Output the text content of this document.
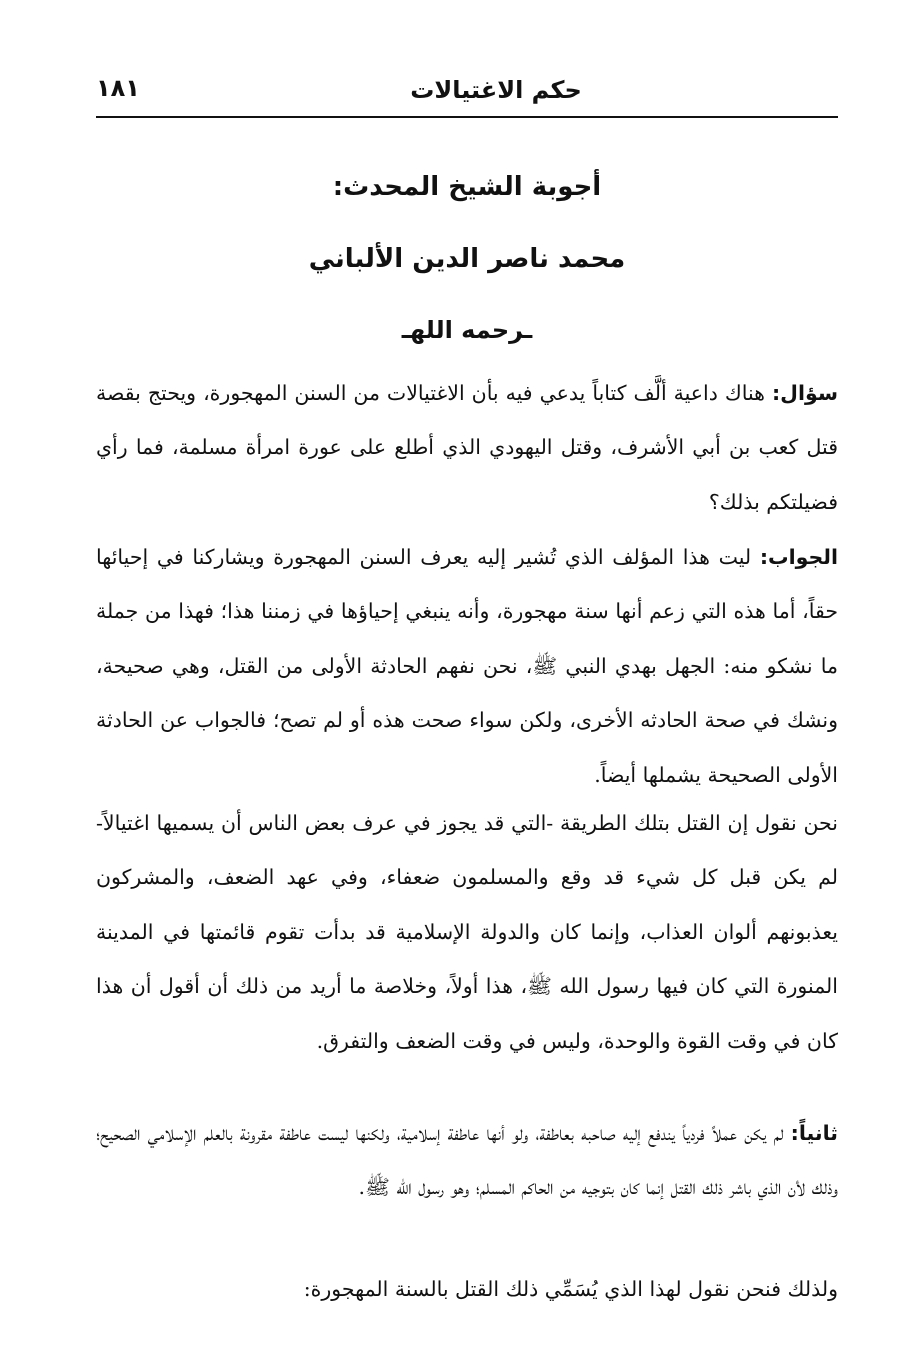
١٨١	حكم الاغتيالات
أجوبة الشيخ المحدث:
محمد ناصر الدين الألباني
ـرحمه اللهـ

سؤال: هناك داعية ألَّف كتاباً يدعي فيه بأن الاغتيالات من السنن المهجورة، ويحتج بقصة قتل كعب بن أبي الأشرف، وقتل اليهودي الذي أطلع على عورة امرأة مسلمة، فما رأي فضيلتكم بذلك؟

الجواب: ليت هذا المؤلف الذي تُشير إليه يعرف السنن المهجورة ويشاركنا في إحيائها حقاً، أما هذه التي زعم أنها سنة مهجورة، وأنه ينبغي إحياؤها في زمننا هذا؛ فهذا من جملة ما نشكو منه: الجهل بهدي النبي ﷺ، نحن نفهم الحادثة الأولى من القتل، وهي صحيحة، ونشك في صحة الحادثه الأخرى، ولكن سواء صحت هذه أو لم تصح؛ فالجواب عن الحادثة الأولى الصحيحة يشملها أيضاً.

نحن نقول إن القتل بتلك الطريقة -التي قد يجوز في عرف بعض الناس أن يسميها اغتيالاً- لم يكن قبل كل شيء قد وقع والمسلمون ضعفاء، وفي عهد الضعف، والمشركون يعذبونهم ألوان العذاب، وإنما كان والدولة الإسلامية قد بدأت تقوم قائمتها في المدينة المنورة التي كان فيها رسول الله ﷺ، هذا أولاً، وخلاصة ما أريد من ذلك أن أقول أن هذا كان في وقت القوة والوحدة، وليس في وقت الضعف والتفرق.

ثانياً: لم يكن عملاً فردياً يندفع إليه صاحبه بعاطفة، ولو أنها عاطفة إسلامية، ولكنها ليست عاطفة مقرونة بالعلم الإسلامي الصحيح؛ وذلك لأن الذي باشر ذلك القتل إنما كان بتوجيه من الحاكم المسلم؛ وهو رسول الله ﷺ.

ولذلك فنحن نقول لهذا الذي يُسَمِّي ذلك القتل بالسنة المهجورة:
